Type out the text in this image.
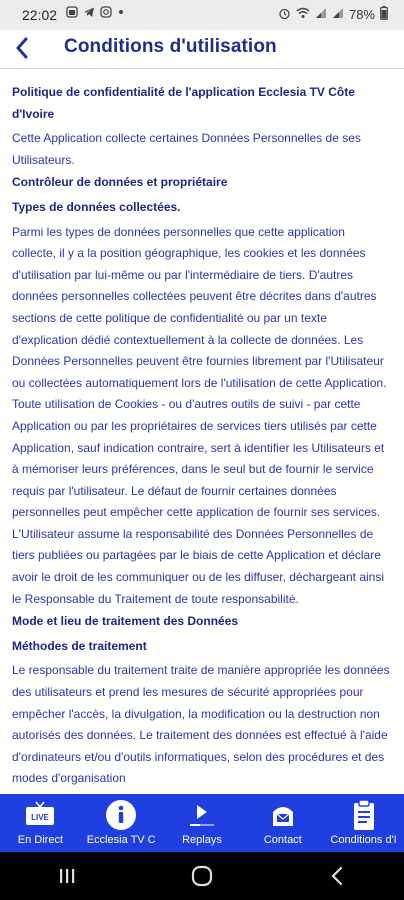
22:02	78%
Conditions d'utilisation

Politique de confidentialité de l'application Ecclesia TV Côte d'Ivoire

Cette Application collecte certaines Données Personnelles de ses Utilisateurs.

Contrôleur de données et propriétaire

Types de données collectées.

Parmi les types de données personnelles que cette application collecte, il y a la position géographique, les cookies et les données d'utilisation par lui-même ou par l'intermédiaire de tiers. D'autres données personnelles collectées peuvent être décrites dans d'autres sections de cette politique de confidentialité ou par un texte d'explication dédié contextuellement à la collecte de données. Les Données Personnelles peuvent être fournies librement par l'Utilisateur ou collectées automatiquement lors de l'utilisation de cette Application. Toute utilisation de Cookies - ou d'autres outils de suivi - par cette Application ou par les propriétaires de services tiers utilisés par cette Application, sauf indication contraire, sert à identifier les Utilisateurs et à mémoriser leurs préférences, dans le seul but de fournir le service requis par l'utilisateur. Le défaut de fournir certaines données personnelles peut empêcher cette application de fournir ses services. L'Utilisateur assume la responsabilité des Données Personnelles de tiers publiées ou partagées par le biais de cette Application et déclare avoir le droit de les communiquer ou de les diffuser, déchargeant ainsi le Responsable du Traitement de toute responsabilité.

Mode et lieu de traitement des Données

Méthodes de traitement

Le responsable du traitement traite de manière appropriée les données des utilisateurs et prend les mesures de sécurité appropriées pour empêcher l'accès, la divulgation, la modification ou la destruction non autorisés des données. Le traitement des données est effectué à l'aide d'ordinateurs et/ou d'outils informatiques, selon des procédures et des modes d'organisation

LIVE
En Direct Ecclesia TV C Replays	Contact	Conditions d'I
